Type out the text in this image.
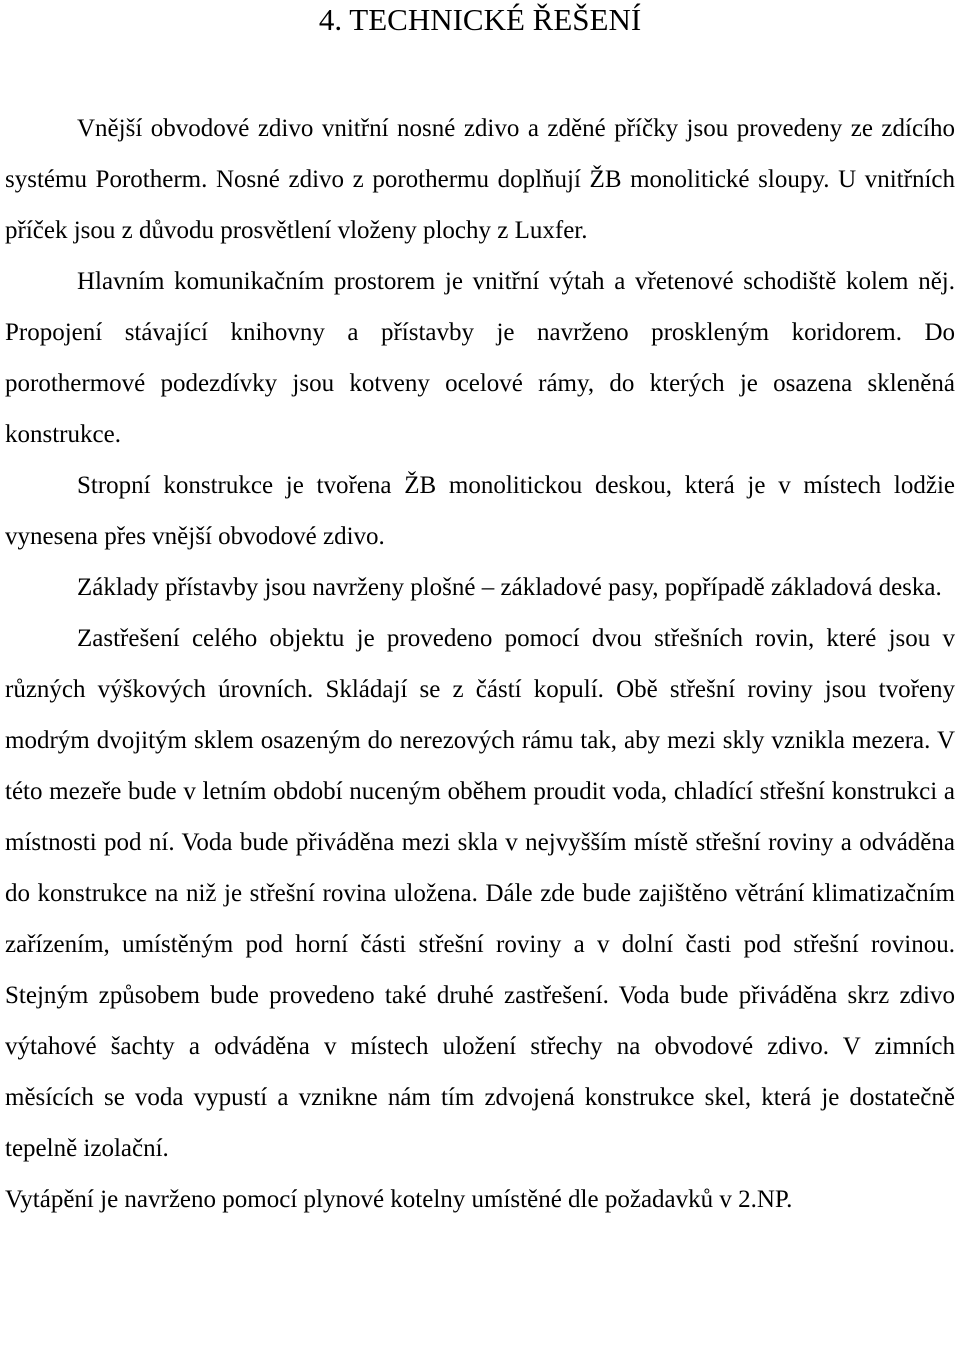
4. TECHNICKÉ ŘEŠENÍ

Vnější obvodové zdivo vnitřní nosné zdivo a zděné příčky jsou provedeny ze zdícího systému Porotherm. Nosné zdivo z porothermu doplňují ŽB monolitické sloupy. U vnitřních příček jsou z důvodu prosvětlení vloženy plochy z Luxfer.

Hlavním komunikačním prostorem je vnitřní výtah a vřetenové schodiště kolem něj. Propojení stávající knihovny a přístavby je navrženo proskleným koridorem. Do porothermové podezdívky jsou kotveny ocelové rámy, do kterých je osazena skleněná konstrukce.

Stropní konstrukce je tvořena ŽB monolitickou deskou, která je v místech lodžie vynesena přes vnější obvodové zdivo.

Základy přístavby jsou navrženy plošné – základové pasy, popřípadě základová deska.

Zastřešení celého objektu je provedeno pomocí dvou střešních rovin, které jsou v různých výškových úrovních. Skládají se z částí kopulí. Obě střešní roviny jsou tvořeny modrým dvojitým sklem osazeným do nerezových rámu tak, aby mezi skly vznikla mezera. V této mezeře bude v letním období nuceným oběhem proudit voda, chladící střešní konstrukci a místnosti pod ní. Voda bude přiváděna mezi skla v nejvyšším místě střešní roviny a odváděna do konstrukce na niž je střešní rovina uložena. Dále zde bude zajištěno větrání klimatizačním zařízením, umístěným pod horní části střešní roviny a v dolní časti pod střešní rovinou. Stejným způsobem bude provedeno také druhé zastřešení. Voda bude přiváděna skrz zdivo výtahové šachty a odváděna v místech uložení střechy na obvodové zdivo. V zimních měsících se voda vypustí a vznikne nám tím zdvojená konstrukce skel, která je dostatečně tepelně izolační.

Vytápění je navrženo pomocí plynové kotelny umístěné dle požadavků v 2.NP.
